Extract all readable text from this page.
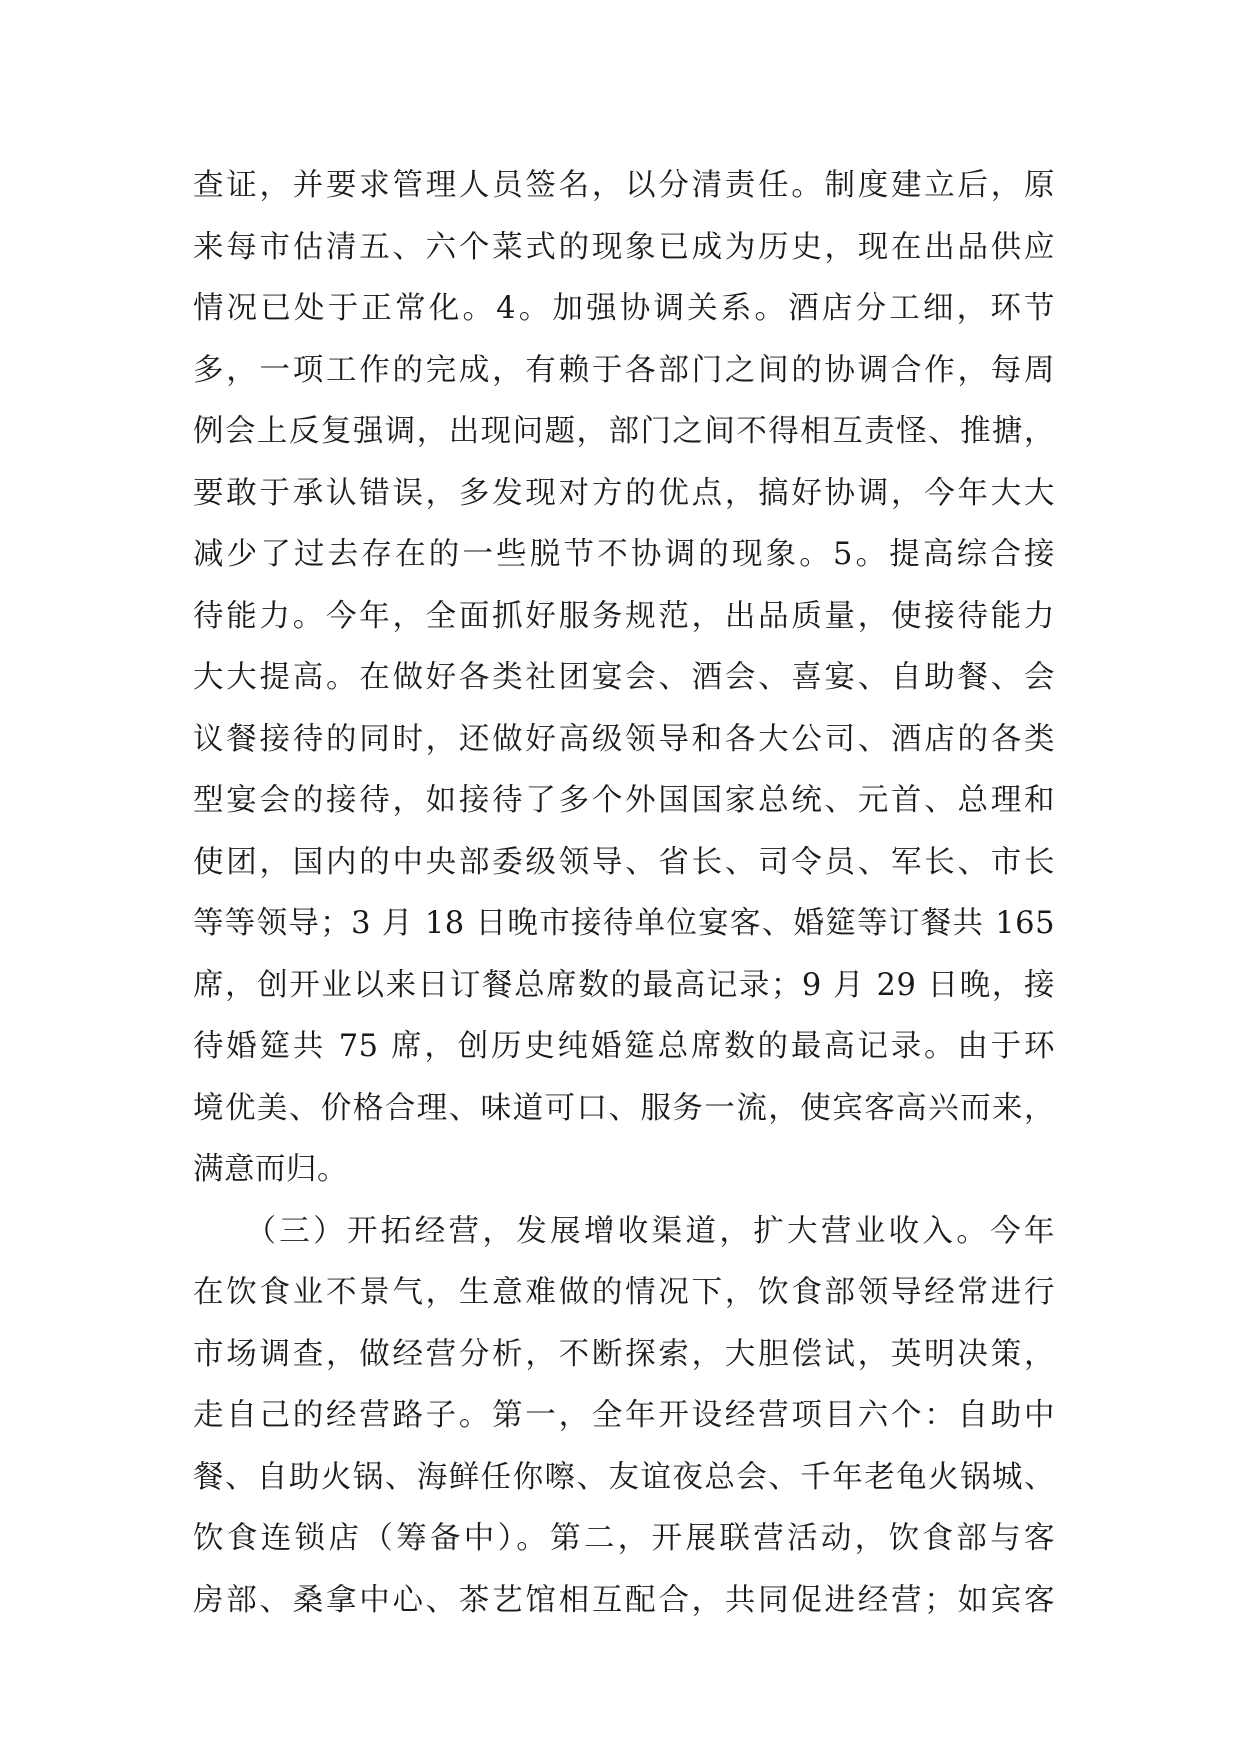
查证，并要求管理人员签名，以分清责任。制度建立后，原
来每市估清五、六个菜式的现象已成为历史，现在出品供应
情况已处于正常化。4。加强协调关系。酒店分工细，环节
多，一项工作的完成，有赖于各部门之间的协调合作，每周
例会上反复强调，出现问题，部门之间不得相互责怪、推搪，
要敢于承认错误，多发现对方的优点，搞好协调，今年大大
减少了过去存在的一些脱节不协调的现象。5。提高综合接
待能力。今年，全面抓好服务规范，出品质量，使接待能力
大大提高。在做好各类社团宴会、酒会、喜宴、自助餐、会
议餐接待的同时，还做好高级领导和各大公司、酒店的各类
型宴会的接待，如接待了多个外国国家总统、元首、总理和
使团，国内的中央部委级领导、省长、司令员、军长、市长
等等领导；3 月 18 日晚市接待单位宴客、婚筵等订餐共 165
席，创开业以来日订餐总席数的最高记录；9 月 29 日晚，接
待婚筵共 75 席，创历史纯婚筵总席数的最高记录。由于环
境优美、价格合理、味道可口、服务一流，使宾客高兴而来，
满意而归。
　　（三）开拓经营，发展增收渠道，扩大营业收入。今年
在饮食业不景气，生意难做的情况下，饮食部领导经常进行
市场调查，做经营分析，不断探索，大胆偿试，英明决策，
走自己的经营路子。第一，全年开设经营项目六个：自助中
餐、自助火锅、海鲜任你嚓、友谊夜总会、千年老龟火锅城、
饮食连锁店（筹备中）。第二，开展联营活动，饮食部与客
房部、桑拿中心、茶艺馆相互配合，共同促进经营；如宾客
